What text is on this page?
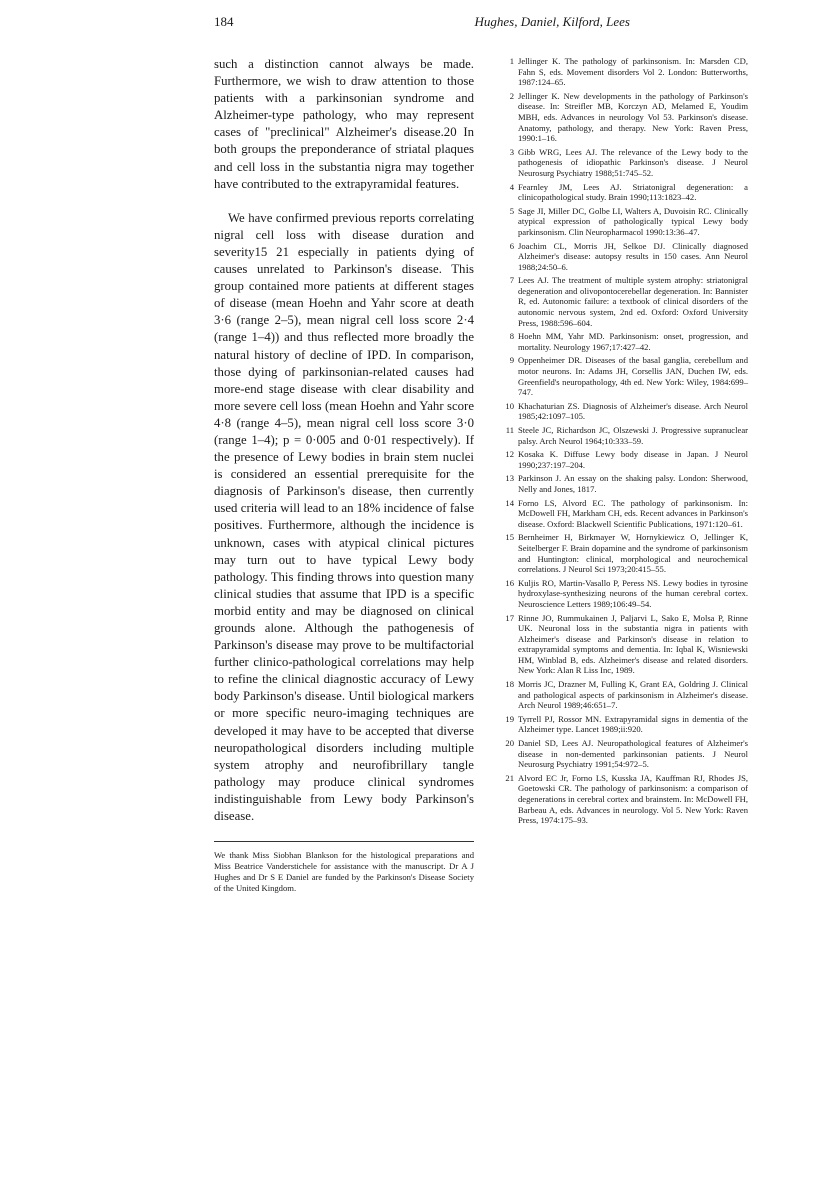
184	Hughes, Daniel, Kilford, Lees

such a distinction cannot always be made. Furthermore, we wish to draw attention to those patients with a parkinsonian syndrome and Alzheimer-type pathology, who may represent cases of "preclinical" Alzheimer's disease.20 In both groups the preponderance of striatal plaques and cell loss in the substantia nigra may together have contributed to the extrapyramidal features.

We have confirmed previous reports correlating nigral cell loss with disease duration and severity15 21 especially in patients dying of causes unrelated to Parkinson's disease. This group contained more patients at different stages of disease (mean Hoehn and Yahr score at death 3·6 (range 2–5), mean nigral cell loss score 2·4 (range 1–4)) and thus reflected more broadly the natural history of decline of IPD. In comparison, those dying of parkinsonian-related causes had more-end stage disease with clear disability and more severe cell loss (mean Hoehn and Yahr score 4·8 (range 4–5), mean nigral cell loss score 3·0 (range 1–4); p = 0·005 and 0·01 respectively). If the presence of Lewy bodies in brain stem nuclei is considered an essential prerequisite for the diagnosis of Parkinson's disease, then currently used criteria will lead to an 18% incidence of false positives. Furthermore, although the incidence is unknown, cases with atypical clinical pictures may turn out to have typical Lewy body pathology. This finding throws into question many clinical studies that assume that IPD is a specific morbid entity and may be diagnosed on clinical grounds alone. Although the pathogenesis of Parkinson's disease may prove to be multifactorial further clinico-pathological correlations may help to refine the clinical diagnostic accuracy of Lewy body Parkinson's disease. Until biological markers or more specific neuro-imaging techniques are developed it may have to be accepted that diverse neuropathological disorders including multiple system atrophy and neurofibrillary tangle pathology may produce clinical syndromes indistinguishable from Lewy body Parkinson's disease.

We thank Miss Siobhan Blankson for the histological preparations and Miss Beatrice Vanderstichele for assistance with the manuscript. Dr A J Hughes and Dr S E Daniel are funded by the Parkinson's Disease Society of the United Kingdom.

1 Jellinger K. The pathology of parkinsonism. In: Marsden CD, Fahn S, eds. Movement disorders Vol 2. London: Butterworths, 1987:124–65.
2 Jellinger K. New developments in the pathology of Parkinson's disease. In: Streifler MB, Korczyn AD, Melamed E, Youdim MBH, eds. Advances in neurology Vol 53. Parkinson's disease. Anatomy, pathology, and therapy. New York: Raven Press, 1990:1–16.
3 Gibb WRG, Lees AJ. The relevance of the Lewy body to the pathogenesis of idiopathic Parkinson's disease. J Neurol Neurosurg Psychiatry 1988;51:745–52.
4 Fearnley JM, Lees AJ. Striatonigral degeneration: a clinicopathological study. Brain 1990;113:1823–42.
5 Sage JI, Miller DC, Golbe LI, Walters A, Duvoisin RC. Clinically atypical expression of pathologically typical Lewy body parkinsonism. Clin Neuropharmacol 1990:13:36–47.
6 Joachim CL, Morris JH, Selkoe DJ. Clinically diagnosed Alzheimer's disease: autopsy results in 150 cases. Ann Neurol 1988;24:50–6.
7 Lees AJ. The treatment of multiple system atrophy: striatonigral degeneration and olivopontocerebellar degeneration. In: Bannister R, ed. Autonomic failure: a textbook of clinical disorders of the autonomic nervous system, 2nd ed. Oxford: Oxford University Press, 1988:596–604.
8 Hoehn MM, Yahr MD. Parkinsonism: onset, progression, and mortality. Neurology 1967;17:427–42.
9 Oppenheimer DR. Diseases of the basal ganglia, cerebellum and motor neurons. In: Adams JH, Corsellis JAN, Duchen IW, eds. Greenfield's neuropathology, 4th ed. New York: Wiley, 1984:699–747.
10 Khachaturian ZS. Diagnosis of Alzheimer's disease. Arch Neurol 1985;42:1097–105.
11 Steele JC, Richardson JC, Olszewski J. Progressive supranuclear palsy. Arch Neurol 1964;10:333–59.
12 Kosaka K. Diffuse Lewy body disease in Japan. J Neurol 1990;237:197–204.
13 Parkinson J. An essay on the shaking palsy. London: Sherwood, Nelly and Jones, 1817.
14 Forno LS, Alvord EC. The pathology of parkinsonism. In: McDowell FH, Markham CH, eds. Recent advances in Parkinson's disease. Oxford: Blackwell Scientific Publications, 1971:120–61.
15 Bernheimer H, Birkmayer W, Hornykiewicz O, Jellinger K, Seitelberger F. Brain dopamine and the syndrome of parkinsonism and Huntington: clinical, morphological and neurochemical correlations. J Neurol Sci 1973;20:415–55.
16 Kuljis RO, Martin-Vasallo P, Peress NS. Lewy bodies in tyrosine hydroxylase-synthesizing neurons of the human cerebral cortex. Neuroscience Letters 1989;106:49–54.
17 Rinne JO, Rummukainen J, Paljarvi L, Sako E, Molsa P, Rinne UK. Neuronal loss in the substantia nigra in patients with Alzheimer's disease and Parkinson's disease in relation to extrapyramidal symptoms and dementia. In: Iqbal K, Wisniewski HM, Winblad B, eds. Alzheimer's disease and related disorders. New York: Alan R Liss Inc, 1989.
18 Morris JC, Drazner M, Fulling K, Grant EA, Goldring J. Clinical and pathological aspects of parkinsonism in Alzheimer's disease. Arch Neurol 1989;46:651–7.
19 Tyrrell PJ, Rossor MN. Extrapyramidal signs in dementia of the Alzheimer type. Lancet 1989;ii:920.
20 Daniel SD, Lees AJ. Neuropathological features of Alzheimer's disease in non-demented parkinsonian patients. J Neurol Neurosurg Psychiatry 1991;54:972–5.
21 Alvord EC Jr, Forno LS, Kusska JA, Kauffman RJ, Rhodes JS, Goetowski CR. The pathology of parkinsonism: a comparison of degenerations in cerebral cortex and brainstem. In: McDowell FH, Barbeau A, eds. Advances in neurology. Vol 5. New York: Raven Press, 1974:175–93.
